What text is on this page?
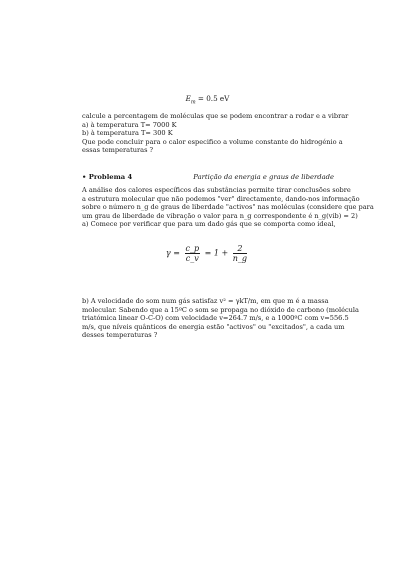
$E_m = 0.5$ eV
calcule a percentagem de moléculas que se podem encontrar a rodar e a vibrar
a) à temperatura T= 7000 K
b) à temperatura T= 300 K
Que pode concluir para o calor especifico a volume constante do hidrogénio a
essas temperaturas ?
• Problema 4	Partição da energia e graus de liberdade
A análise dos calores específicos das substâncias permite tirar conclusões sobre
a estrutura molecular que não podemos "ver" directamente, dando-nos informação
sobre o número n_g de graus de liberdade "activos" nas moléculas (considere que para
um grau de liberdade de vibração o valor para n_g correspondente é n_g(vib) = 2)
a) Comece por verificar que para um dado gás que se comporta como ideal,
$\gamma = \frac{c\_p}{c\_v} = 1 + \frac{2}{n\_g}$
b) A velocidade do som num gás satisfaz v² = γkT/m, em que m é a massa
molecular. Sabendo que a 15ºC o som se propaga no dióxido de carbono (molécula
triatómica linear O-C-O) com velocidade v=264.7 m/s, e a 1000ºC com v=556.5
m/s, que níveis quânticos de energia estão "activos" ou "excitados", a cada um
desses temperaturas ?
